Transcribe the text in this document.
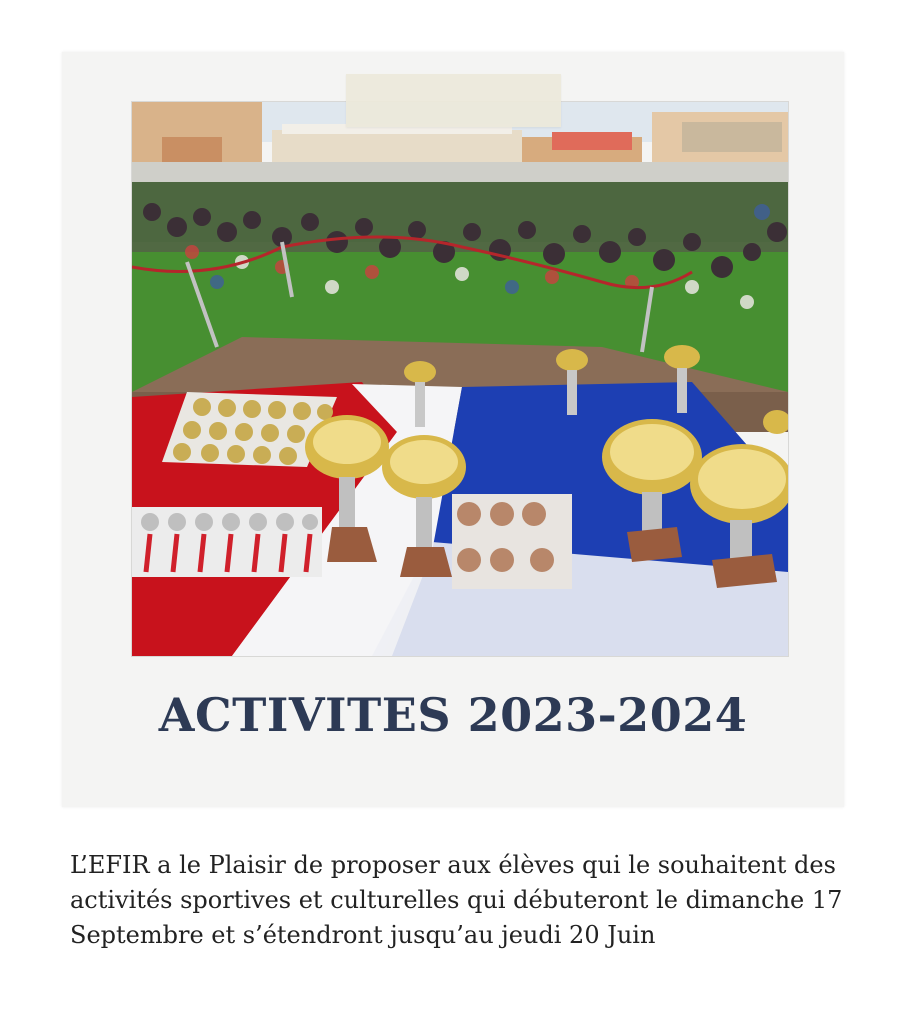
ACTIVITES 2023-2024

L’EFIR a le Plaisir de proposer aux élèves qui le souhaitent des activités sportives et culturelles qui débuteront le dimanche 17 Septembre et s’étendront jusqu’au jeudi 20 Juin
